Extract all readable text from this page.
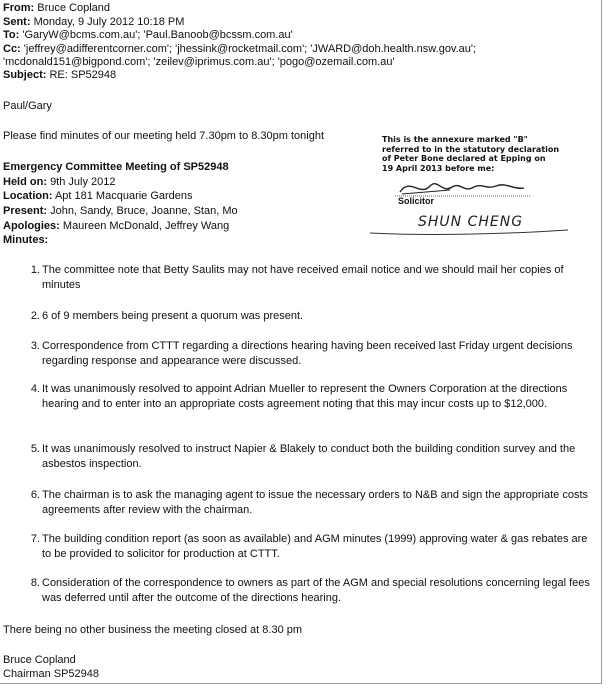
From: Bruce Copland
Sent: Monday, 9 July 2012 10:18 PM
To: 'GaryW@bcms.com.au'; 'Paul.Banoob@bcssm.com.au'
Cc: 'jeffrey@adifferentcorner.com'; 'jhessink@rocketmail.com'; 'JWARD@doh.health.nsw.gov.au';
'mcdonald151@bigpond.com'; 'zeilev@iprimus.com.au'; 'pogo@ozemail.com.au'
Subject: RE: SP52948
Paul/Gary
Please find minutes of our meeting held 7.30pm to 8.30pm tonight
Emergency Committee Meeting of SP52948
Held on: 9th July 2012
Location: Apt 181 Macquarie Gardens
Present: John, Sandy, Bruce, Joanne, Stan, Mo
Apologies: Maureen McDonald, Jeffrey Wang
Minutes:
This is the annexure marked "B"
referred to in the statutory declaration
of Peter Bone declared at Epping on
19 April 2013 before me:
Solicitor
SHUN CHENG
1. The committee note that Betty Saulits may not have received email notice and we should mail her copies of minutes
2. 6 of 9 members being present a quorum was present.
3. Correspondence from CTTT regarding a directions hearing having been received last Friday urgent decisions regarding response and appearance were discussed.
4. It was unanimously resolved to appoint Adrian Mueller to represent the Owners Corporation at the directions hearing and to enter into an appropriate costs agreement noting that this may incur costs up to $12,000.
5. It was unanimously resolved to instruct Napier & Blakely to conduct both the building condition survey and the asbestos inspection.
6. The chairman is to ask the managing agent to issue the necessary orders to N&B and sign the appropriate costs agreements after review with the chairman.
7. The building condition report (as soon as available) and AGM minutes (1999) approving water & gas rebates are to be provided to solicitor for production at CTTT.
8. Consideration of the correspondence to owners as part of the AGM and special resolutions concerning legal fees was deferred until after the outcome of the directions hearing.
There being no other business the meeting closed at 8.30 pm
Bruce Copland
Chairman SP52948
